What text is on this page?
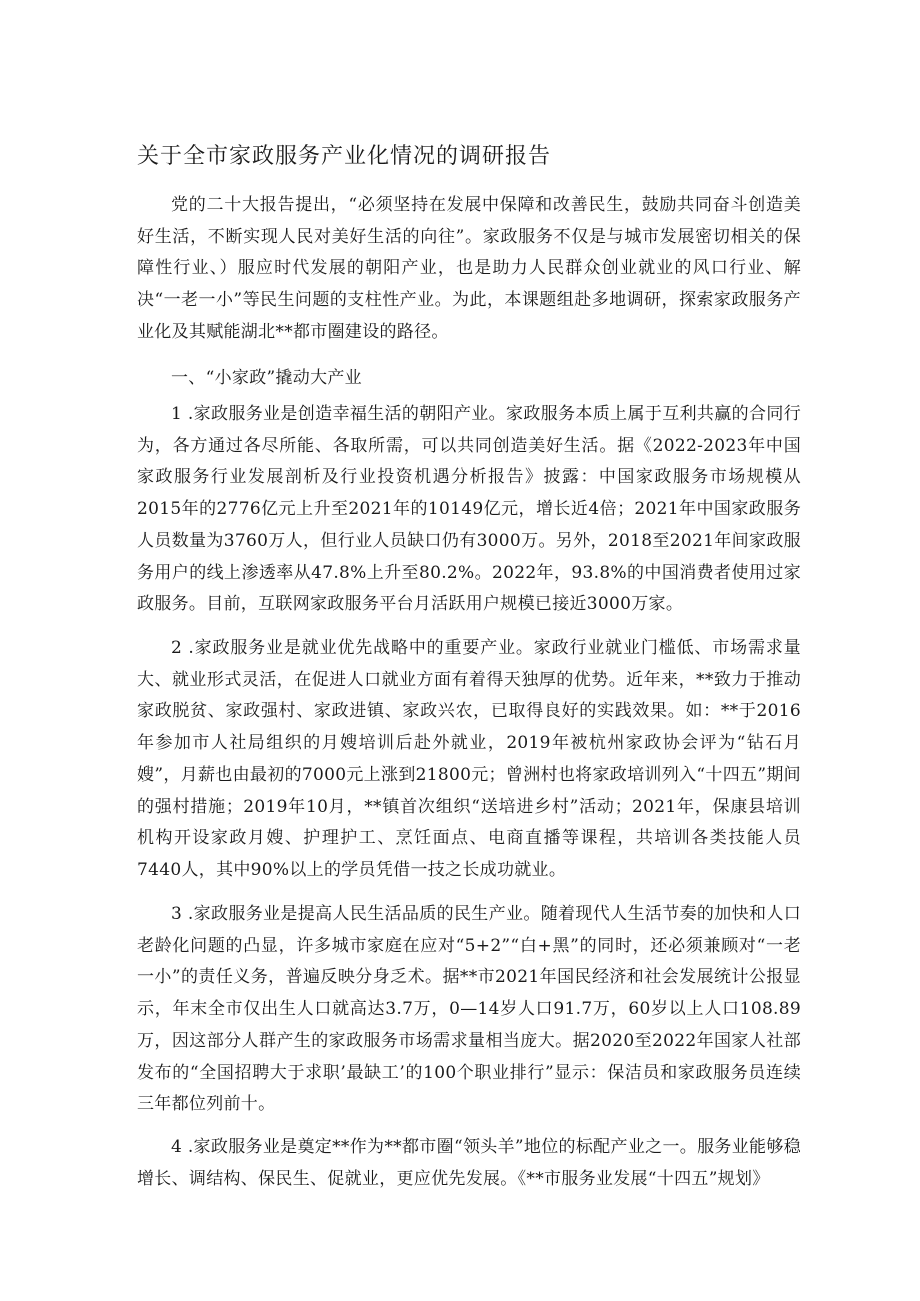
关于全市家政服务产业化情况的调研报告

党的二十大报告提出，“必须坚持在发展中保障和改善民生，鼓励共同奋斗创造美好生活，不断实现人民对美好生活的向往”。家政服务不仅是与城市发展密切相关的保障性行业、）服应时代发展的朝阳产业，也是助力人民群众创业就业的风口行业、解决“一老一小”等民生问题的支柱性产业。为此，本课题组赴多地调研，探索家政服务产业化及其赋能湖北**都市圈建设的路径。

一、“小家政”撬动大产业

1 .家政服务业是创造幸福生活的朝阳产业。家政服务本质上属于互利共赢的合同行为，各方通过各尽所能、各取所需，可以共同创造美好生活。据《2022-2023年中国家政服务行业发展剖析及行业投资机遇分析报告》披露：中国家政服务市场规模从2015年的2776亿元上升至2021年的10149亿元，增长近4倍；2021年中国家政服务人员数量为3760万人，但行业人员缺口仍有3000万。另外，2018至2021年间家政服务用户的线上渗透率从47.8%上升至80.2%。2022年，93.8%的中国消费者使用过家政服务。目前，互联网家政服务平台月活跃用户规模已接近3000万家。

2 .家政服务业是就业优先战略中的重要产业。家政行业就业门槛低、市场需求量大、就业形式灵活，在促进人口就业方面有着得天独厚的优势。近年来，**致力于推动家政脱贫、家政强村、家政进镇、家政兴农，已取得良好的实践效果。如：**于2016年参加市人社局组织的月嫂培训后赴外就业，2019年被杭州家政协会评为“钻石月嫂”，月薪也由最初的7000元上涨到21800元；曾洲村也将家政培训列入“十四五”期间的强村措施；2019年10月，**镇首次组织“送培进乡村”活动；2021年，保康县培训机构开设家政月嫂、护理护工、烹饪面点、电商直播等课程，共培训各类技能人员7440人，其中90%以上的学员凭借一技之长成功就业。

3 .家政服务业是提高人民生活品质的民生产业。随着现代人生活节奏的加快和人口老龄化问题的凸显，许多城市家庭在应对“5+2”“白+黑”的同时，还必须兼顾对“一老一小”的责任义务，普遍反映分身乏术。据**市2021年国民经济和社会发展统计公报显示，年末全市仅出生人口就高达3.7万，0—14岁人口91.7万，60岁以上人口108.89万，因这部分人群产生的家政服务市场需求量相当庞大。据2020至2022年国家人社部发布的“全国招聘大于求职’最缺工’的100个职业排行”显示：保洁员和家政服务员连续三年都位列前十。

4 .家政服务业是奠定**作为**都市圈“领头羊”地位的标配产业之一。服务业能够稳增长、调结构、保民生、促就业，更应优先发展。《**市服务业发展“十四五”规划》
